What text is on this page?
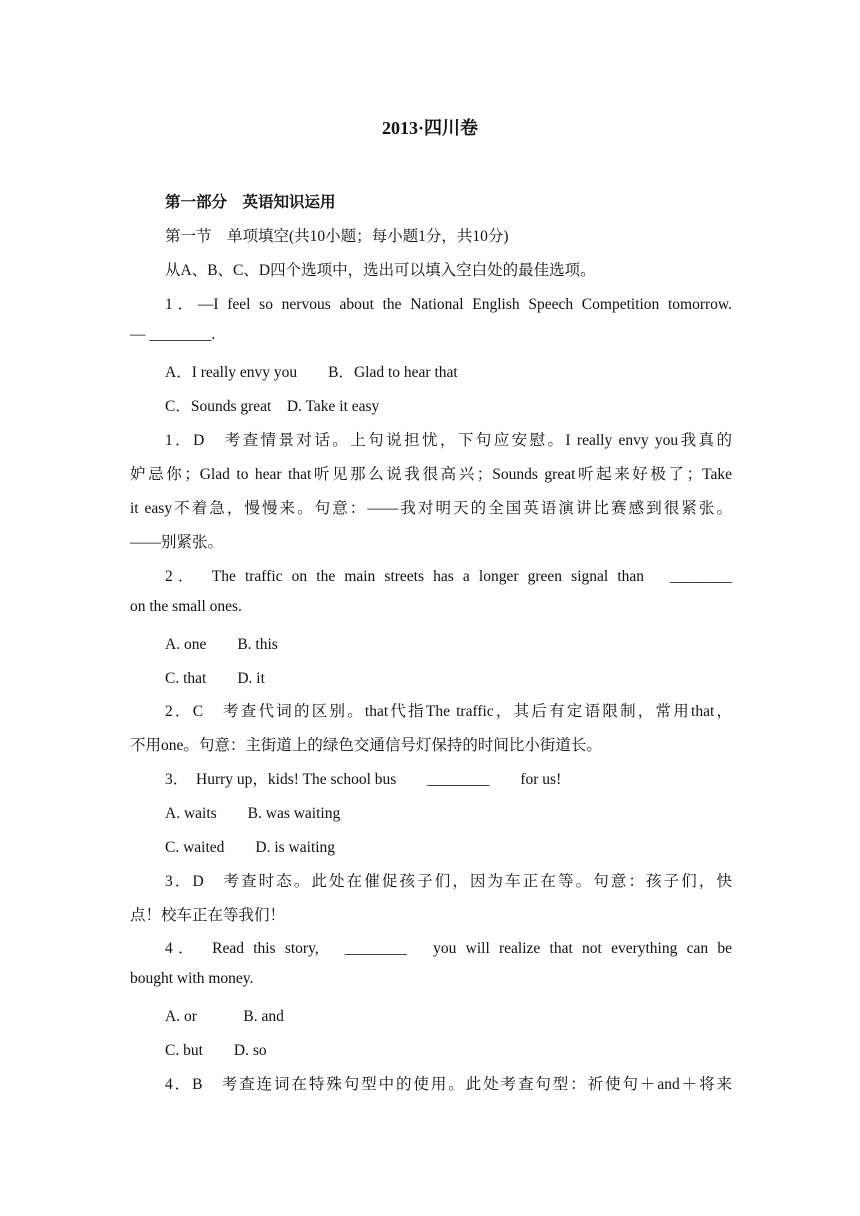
2013·四川卷
第一部分　英语知识运用
第一节　单项填空(共10小题；每小题1分，共10分)
从A、B、C、D四个选项中，选出可以填入空白处的最佳选项。
1．—I feel so nervous about the National English Speech Competition tomorrow.
— ________.
A．I really envy you　　B．Glad to hear that
C．Sounds great　D. Take it easy
1．D　考查情景对话。上句说担忧，下句应安慰。I really envy you我真的
妒忌你；Glad to hear that听见那么说我很高兴；Sounds great听起来好极了；Take
it easy不着急，慢慢来。句意：——我对明天的全国英语演讲比赛感到很紧张。
——别紧张。
2．　The traffic on the main streets has a longer green signal than　________
on the small ones.
A. one　　B. this
C. that　　D. it
2．C　考查代词的区别。that代指The traffic，其后有定语限制，常用that，
不用one。句意：主街道上的绿色交通信号灯保持的时间比小街道长。
3．　Hurry up，kids! The school bus　　________　　for us!
A. waits　　B. was waiting
C. waited　　D. is waiting
3．D　考查时态。此处在催促孩子们，因为车正在等。句意：孩子们，快
点！校车正在等我们！
4．　Read this story,　________　you will realize that not everything can be
bought with money.
A. or　　　B. and
C. but　　D. so
4．B　考查连词在特殊句型中的使用。此处考查句型：祈使句＋and＋将来
